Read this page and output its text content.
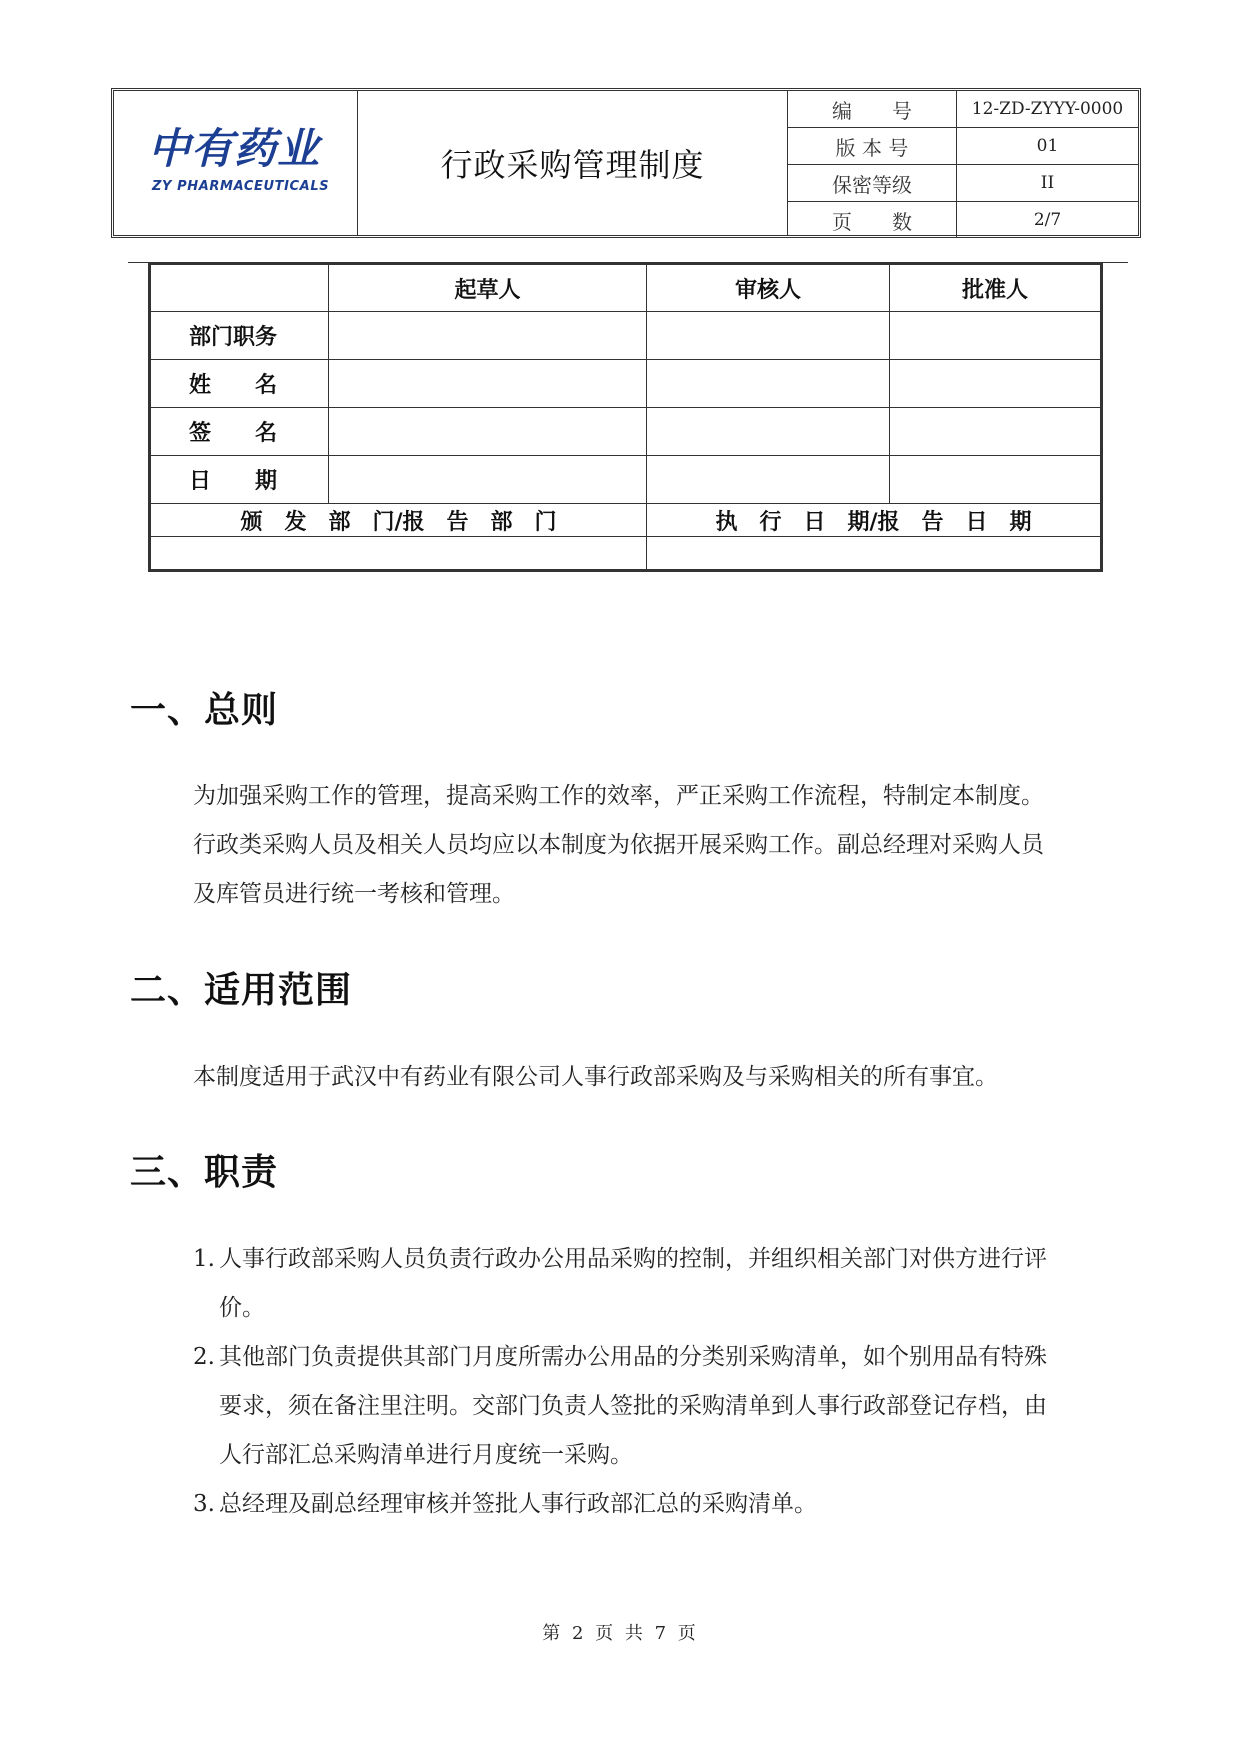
中有药业
ZY PHARMACEUTICALS
行政采购管理制度
编　　号	12-ZD-ZYYY-0000
版 本 号	01
保密等级	II
页　　数	2/7
	起草人	审核人	批准人
部门职务			
姓　　名			
签　　名			
日　　期			
颁　发　部　门/报　告　部　门		执　行　日　期/报　告　日　期	

一、总则
为加强采购工作的管理，提高采购工作的效率，严正采购工作流程，特制定本制度。
行政类采购人员及相关人员均应以本制度为依据开展采购工作。副总经理对采购人员
及库管员进行统一考核和管理。
二、适用范围
本制度适用于武汉中有药业有限公司人事行政部采购及与采购相关的所有事宜。
三、职责
1. 人事行政部采购人员负责行政办公用品采购的控制，并组织相关部门对供方进行评
价。
2. 其他部门负责提供其部门月度所需办公用品的分类别采购清单，如个别用品有特殊
要求，须在备注里注明。交部门负责人签批的采购清单到人事行政部登记存档，由
人行部汇总采购清单进行月度统一采购。
3. 总经理及副总经理审核并签批人事行政部汇总的采购清单。
第 2 页 共 7 页
